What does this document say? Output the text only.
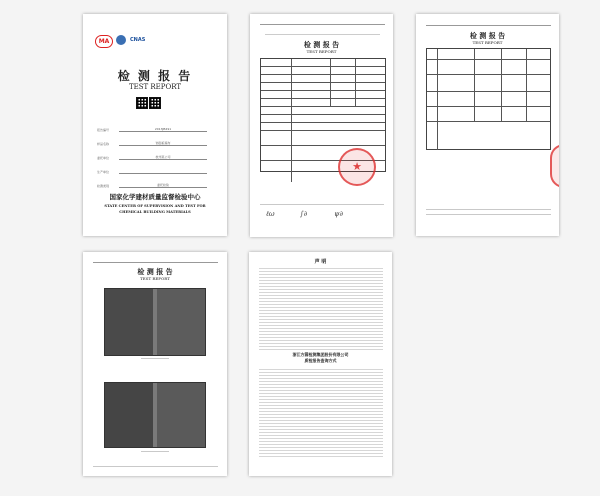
MA	CNAS
检 测 报 告
TEST REPORT
报告编号	2013JB491
样品名称	饰面板墙布
委托单位	杭州某公司
生产单位
检测类别	委托检验
国家化学建材质量监督检验中心
STATE CENTER OF SUPERVISION AND TEST FOR
CHEMICAL BUILDING MATERIALS
检 测 报 告
TEST REPORT
★
ℓω	∫∂	ψ∂
检 测 报 告
TEST REPORT
检 测 报 告
TEST REPORT
声 明
浙江方圆检测集团股份有限公司
质检报告查询方式
